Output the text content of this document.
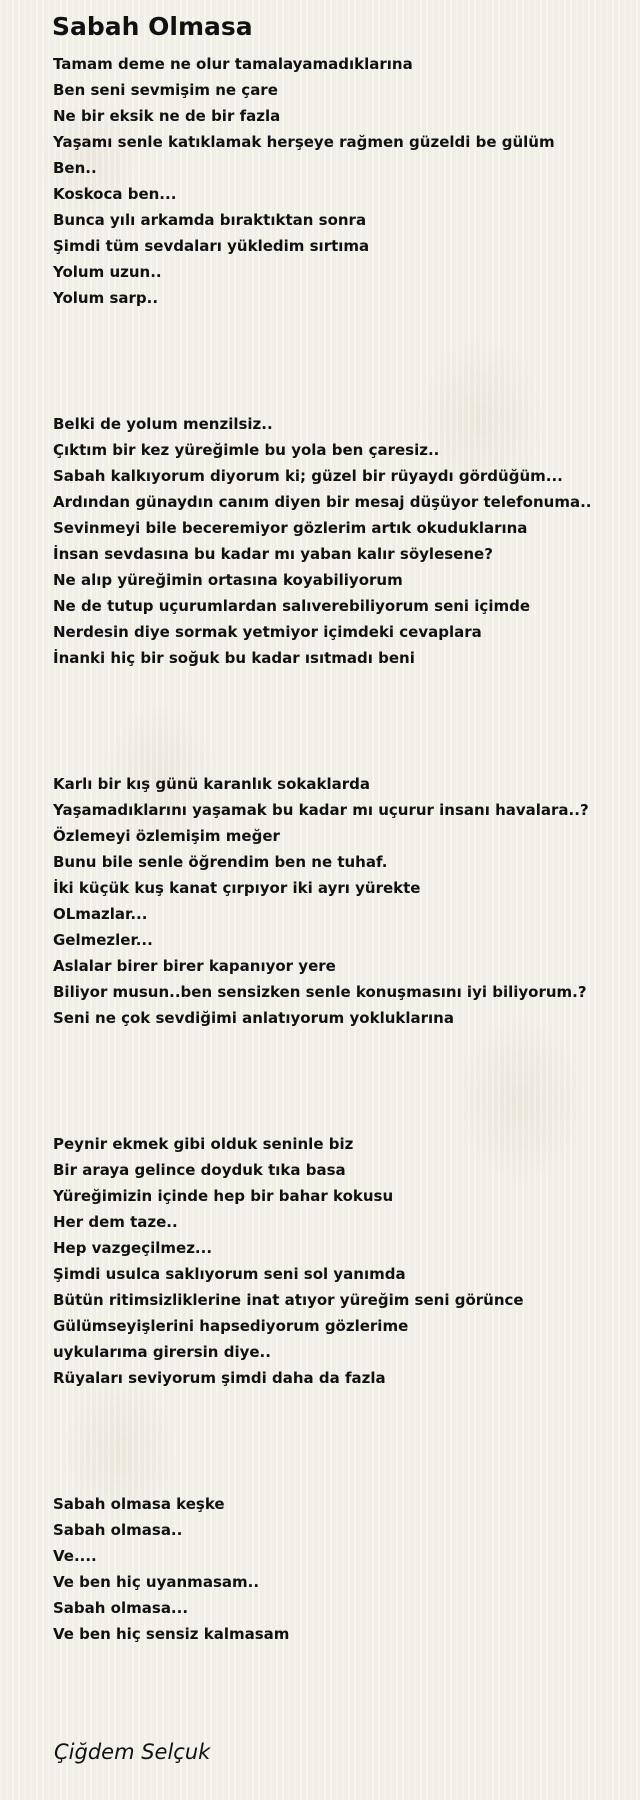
Sabah Olmasa
Tamam deme ne olur tamalayamadıklarına
Ben seni sevmişim ne çare
Ne bir eksik ne de bir fazla
Yaşamı senle katıklamak herşeye rağmen güzeldi be gülüm
Ben..
Koskoca ben...
Bunca yılı arkamda bıraktıktan sonra
Şimdi tüm sevdaları yükledim sırtıma
Yolum uzun..
Yolum sarp..
Belki de yolum menzilsiz..
Çıktım bir kez yüreğimle bu yola ben çaresiz..
Sabah kalkıyorum diyorum ki; güzel bir rüyaydı gördüğüm...
Ardından günaydın canım diyen bir mesaj düşüyor telefonuma..
Sevinmeyi bile beceremiyor gözlerim artık okuduklarına
İnsan sevdasına bu kadar mı yaban kalır söylesene?
Ne alıp yüreğimin ortasına koyabiliyorum
Ne de tutup uçurumlardan salıverebiliyorum seni içimde
Nerdesin diye sormak yetmiyor içimdeki cevaplara
İnanki hiç bir soğuk bu kadar ısıtmadı beni
Karlı bir kış günü karanlık sokaklarda
Yaşamadıklarını yaşamak bu kadar mı uçurur insanı havalara..?
Özlemeyi özlemişim meğer
Bunu bile senle öğrendim ben ne tuhaf.
İki küçük kuş kanat çırpıyor iki ayrı yürekte
OLmazlar...
Gelmezler...
Aslalar birer birer kapanıyor yere
Biliyor musun..ben sensizken senle konuşmasını iyi biliyorum.?
Seni ne çok sevdiğimi anlatıyorum yokluklarına
Peynir ekmek gibi olduk seninle biz
Bir araya gelince doyduk tıka basa
Yüreğimizin içinde hep bir bahar kokusu
Her dem taze..
Hep vazgeçilmez...
Şimdi usulca saklıyorum seni sol yanımda
Bütün ritimsizliklerine inat atıyor yüreğim seni görünce
Gülümseyişlerini hapsediyorum gözlerime
uykularıma girersin diye..
Rüyaları seviyorum şimdi daha da fazla
Sabah olmasa keşke
Sabah olmasa..
Ve....
Ve ben hiç uyanmasam..
Sabah olmasa...
Ve ben hiç sensiz kalmasam

Çiğdem Selçuk
